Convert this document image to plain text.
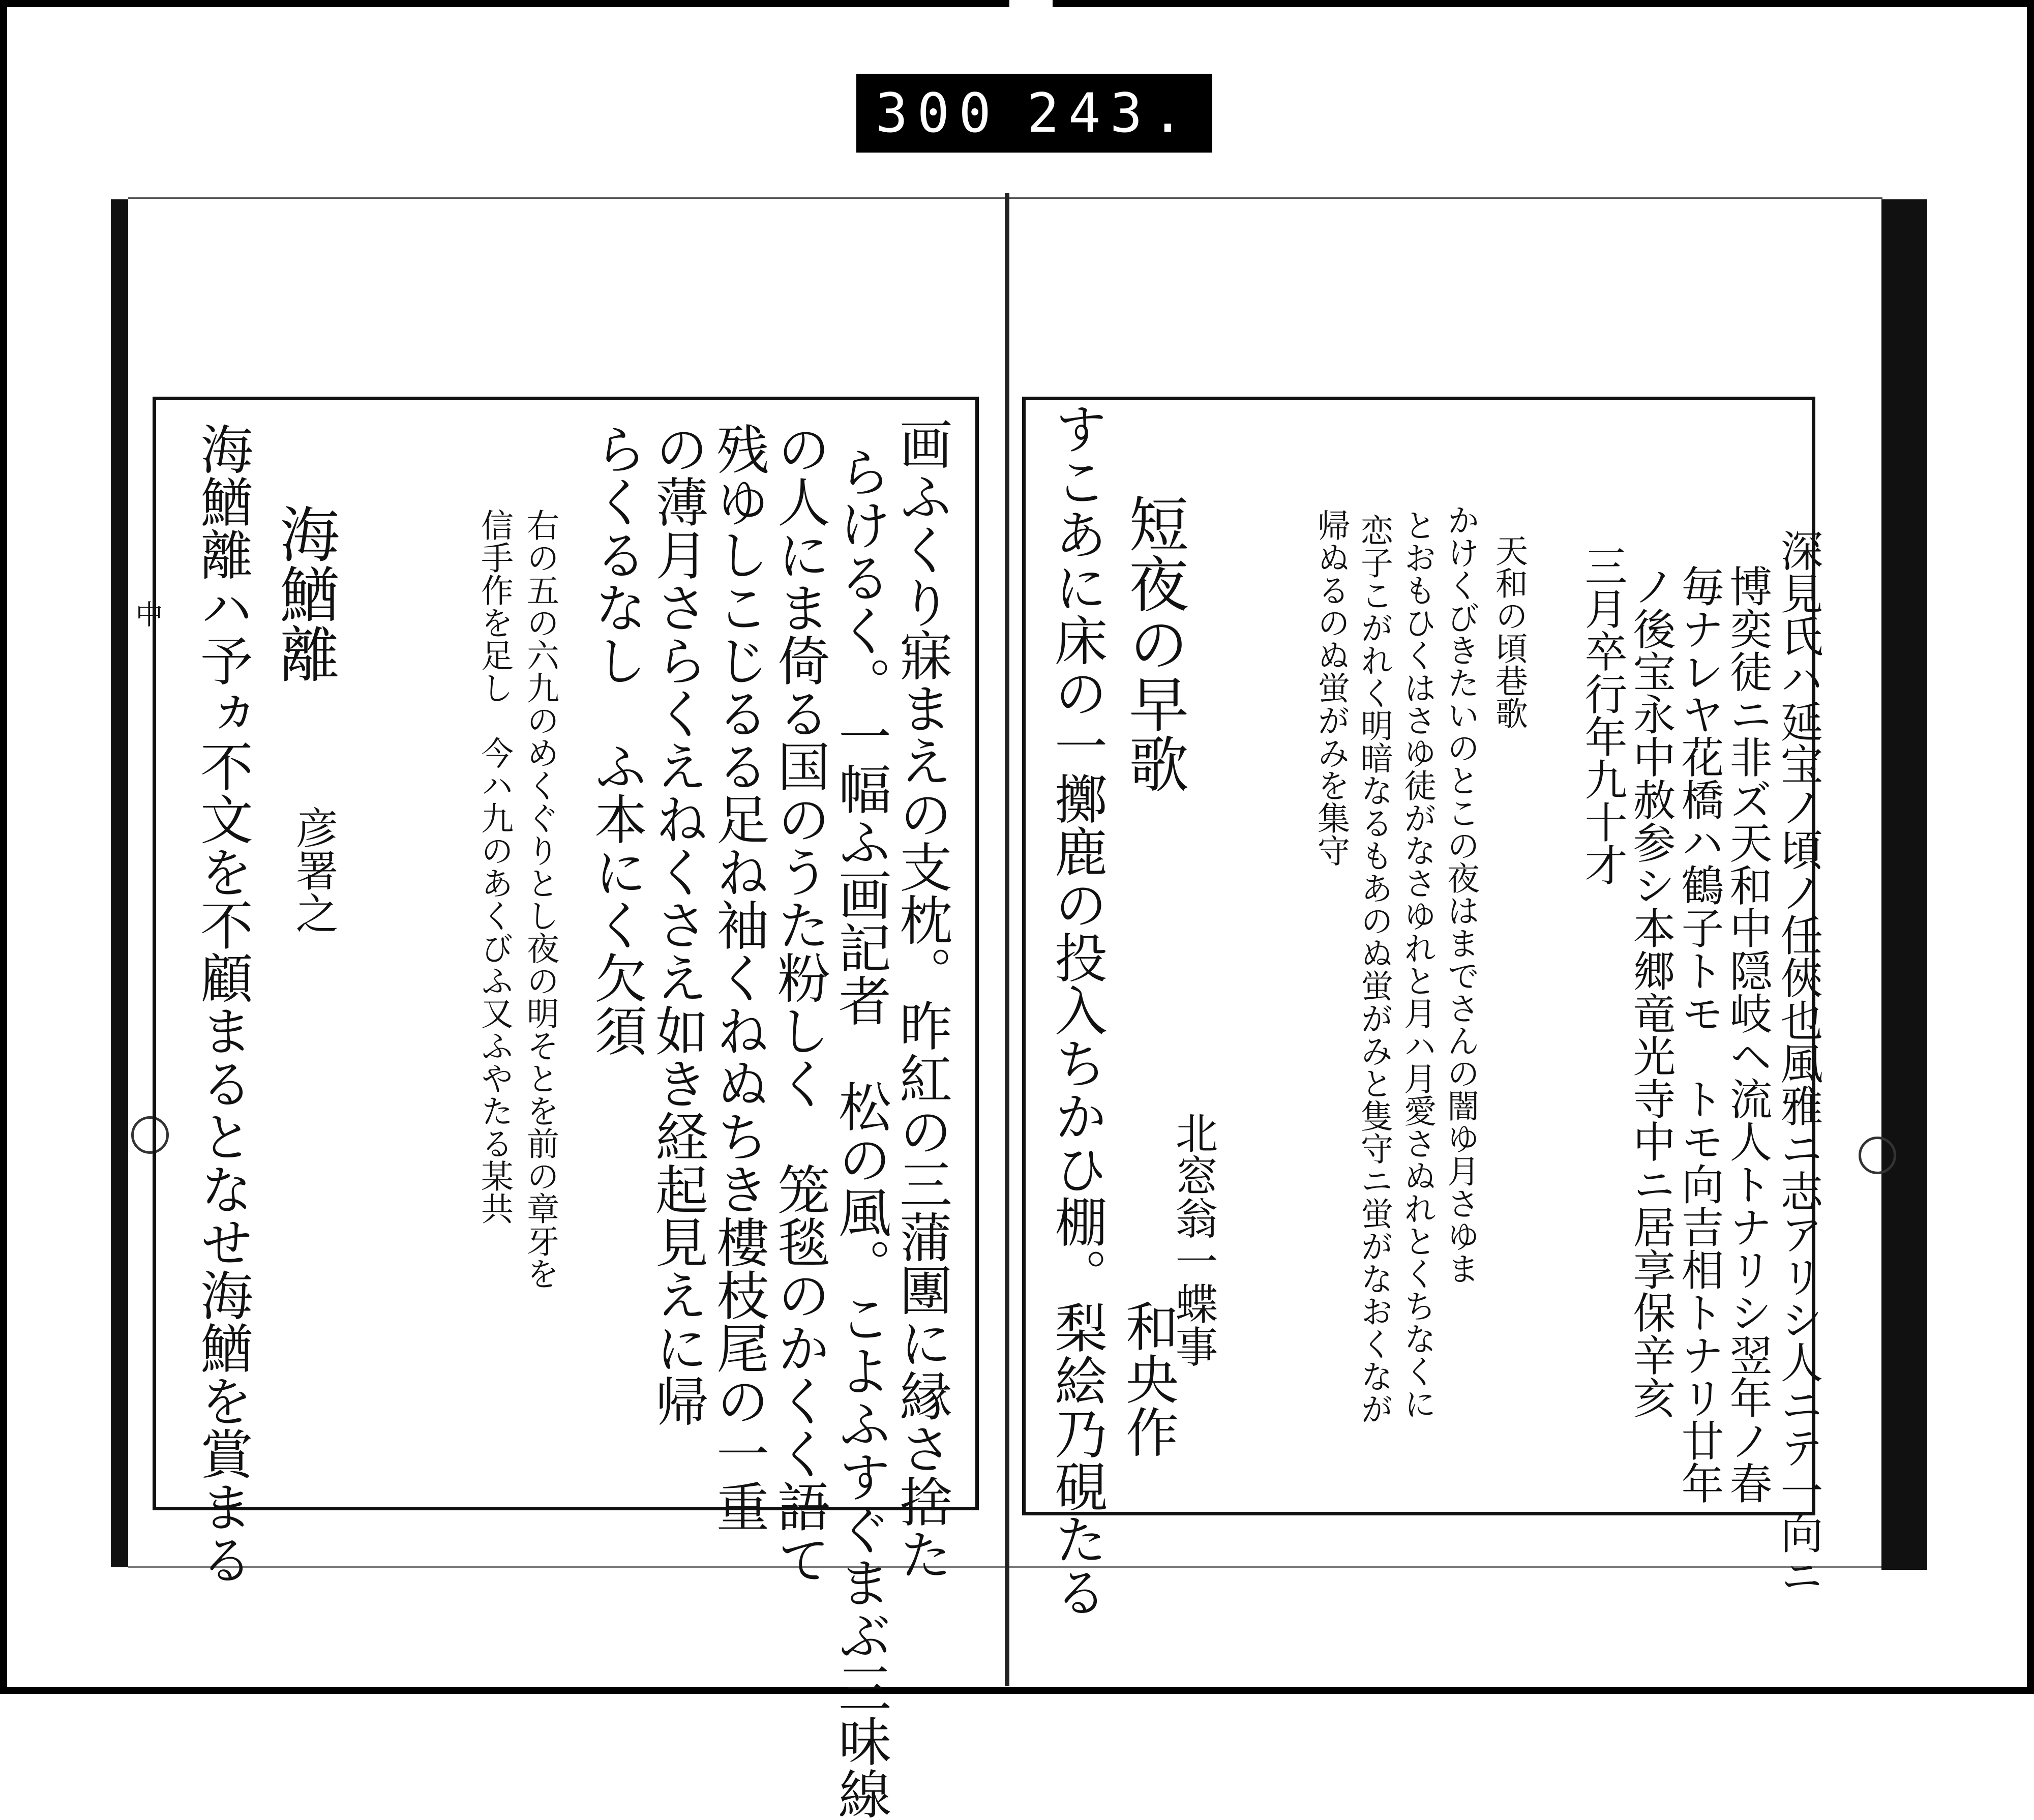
300 243.
中	深見氏ハ延宝ノ頃ノ任俠也風雅ニ志アリシ人ニテ一向ニ
博奕徒ニ非ズ天和中隠岐ヘ流人トナリシ翌年ノ春
毎ナレヤ花橋ハ鶴子トモ　トモ向吉相トナリ廿年
ノ後宝永中赦参シ本郷竜光寺中ニ居享保辛亥
三月卒行年九十才
天和の頃巷歌
かけくびきたいのとこの夜はまでさんの闇ゆ月さゆま
とおもひくはさゆ徒がなさゆれと月ハ月愛さぬれとくちなくに
恋子こがれく明暗なるもあのぬ蛍がみと隻守ニ蛍がなおくなが
帰ぬるのぬ蛍がみを集守
短夜の早歌
すこあに床の一擲鹿の投入ちかひ棚。梨絵乃硯たる 北窓翁一蝶事
和央作
画ふくり寐まえの支枕。昨紅の三蒲團に縁さ捨た
らけるく。一幅ふ画記者　松の風。こよふすぐまぶ三味線
の人にま倚る国のうた粉しく　笼毯のかくく語て
残ゆしこじるる足ね袖くねぬちき樓枝尾の一重
の薄月さらくえねくさえ如き経起見えに帰
らくるなし　ふ本にく欠須
右の五の六九のめくぐりとし夜の明そとを前の章牙を
信手作を足し　今ハ九のあくびふ又ふやたる某共
海鰌離
彦署之
海鰌離ハ予ヵ不文を不顧まるとなせ海鰌を賞まる
